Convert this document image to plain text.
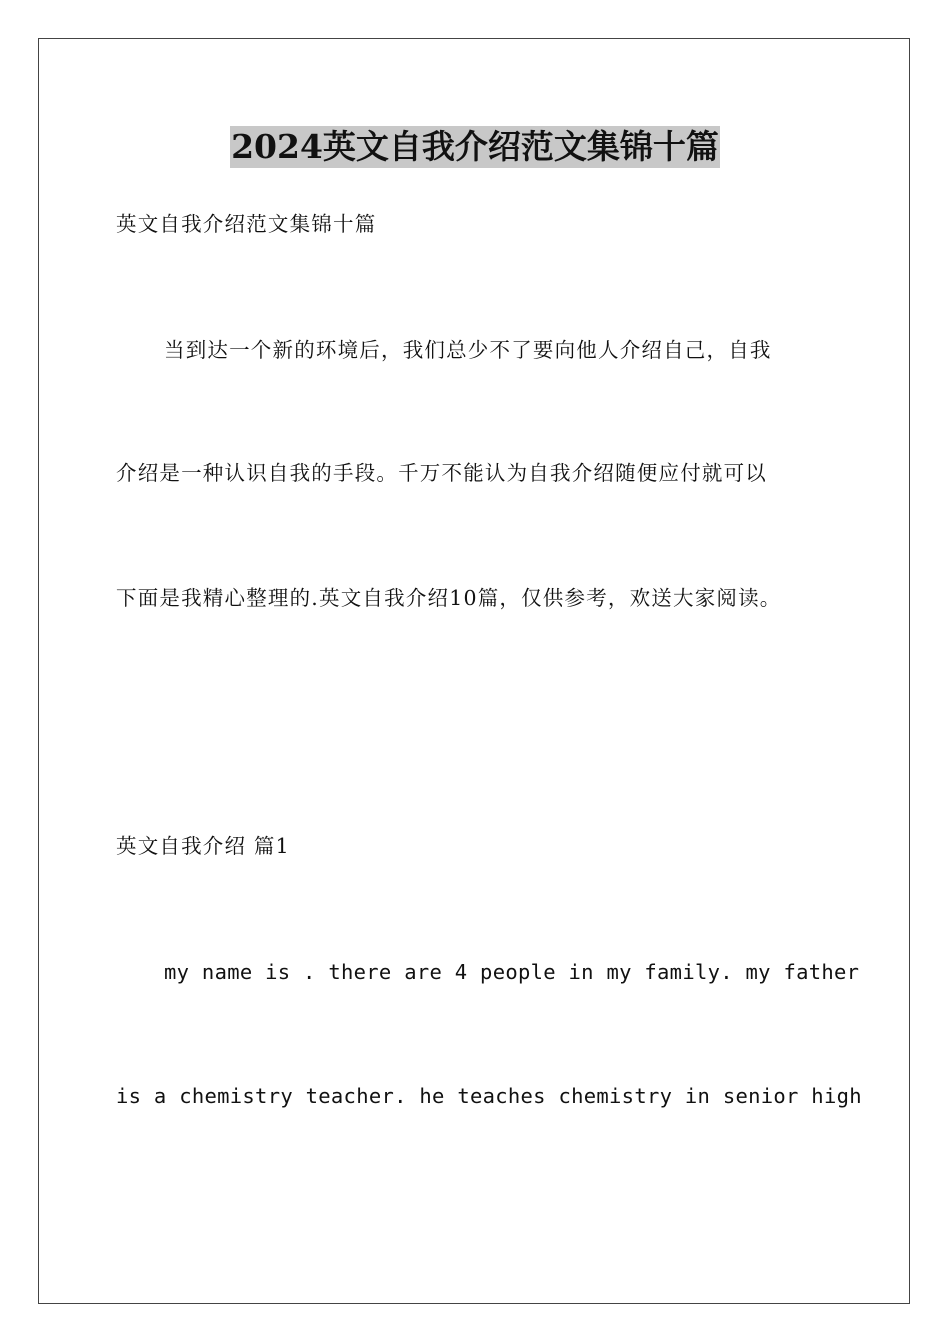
2024英文自我介绍范文集锦十篇
英文自我介绍范文集锦十篇
当到达一个新的环境后，我们总少不了要向他人介绍自己，自我
介绍是一种认识自我的手段。千万不能认为自我介绍随便应付就可以
下面是我精心整理的.英文自我介绍10篇，仅供参考，欢送大家阅读。
英文自我介绍 篇1
my name is . there are 4 people in my family. my father
is a chemistry teacher. he teaches chemistry in senior high
